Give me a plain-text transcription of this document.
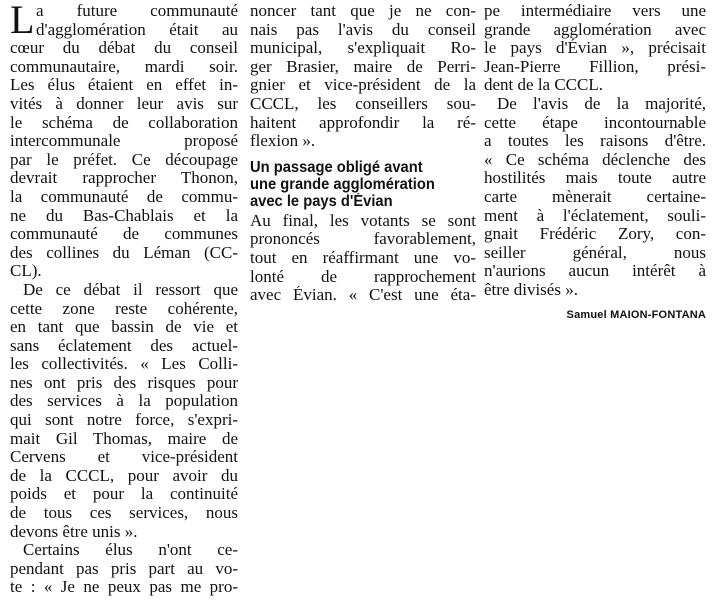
L a future communauté
d'agglomération était au
cœur du débat du conseil
communautaire, mardi soir.
Les élus étaient en effet in-
vités à donner leur avis sur
le schéma de collaboration
intercommunale proposé
par le préfet. Ce découpage
devrait rapprocher Thonon,
la communauté de commu-
ne du Bas-Chablais et la
communauté de communes
des collines du Léman (CC-
CL).
De ce débat il ressort que
cette zone reste cohérente,
en tant que bassin de vie et
sans éclatement des actuel-
les collectivités. « Les Colli-
nes ont pris des risques pour
des services à la population
qui sont notre force, s'expri-
mait Gil Thomas, maire de
Cervens et vice-président
de la CCCL, pour avoir du
poids et pour la continuité
de tous ces services, nous
devons être unis ».
Certains élus n'ont ce-
pendant pas pris part au vo-
te : « Je ne peux pas me pro-
noncer tant que je ne con-
nais pas l'avis du conseil
municipal, s'expliquait Ro-
ger Brasier, maire de Perri-
gnier et vice-président de la
CCCL, les conseillers sou-
haitent approfondir la ré-
flexion ».
Un passage obligé avant
une grande agglomération
avec le pays d'Évian
Au final, les votants se sont
prononcés favorablement,
tout en réaffirmant une vo-
lonté de rapprochement
avec Évian. « C'est une éta-
pe intermédiaire vers une
grande agglomération avec
le pays d'Évian », précisait
Jean-Pierre Fillion, prési-
dent de la CCCL.
De l'avis de la majorité,
cette étape incontournable
a toutes les raisons d'être.
« Ce schéma déclenche des
hostilités mais toute autre
carte mènerait certaine-
ment à l'éclatement, souli-
gnait Frédéric Zory, con-
seiller général, nous
n'aurions aucun intérêt à
être divisés ».
Samuel MAION-FONTANA
